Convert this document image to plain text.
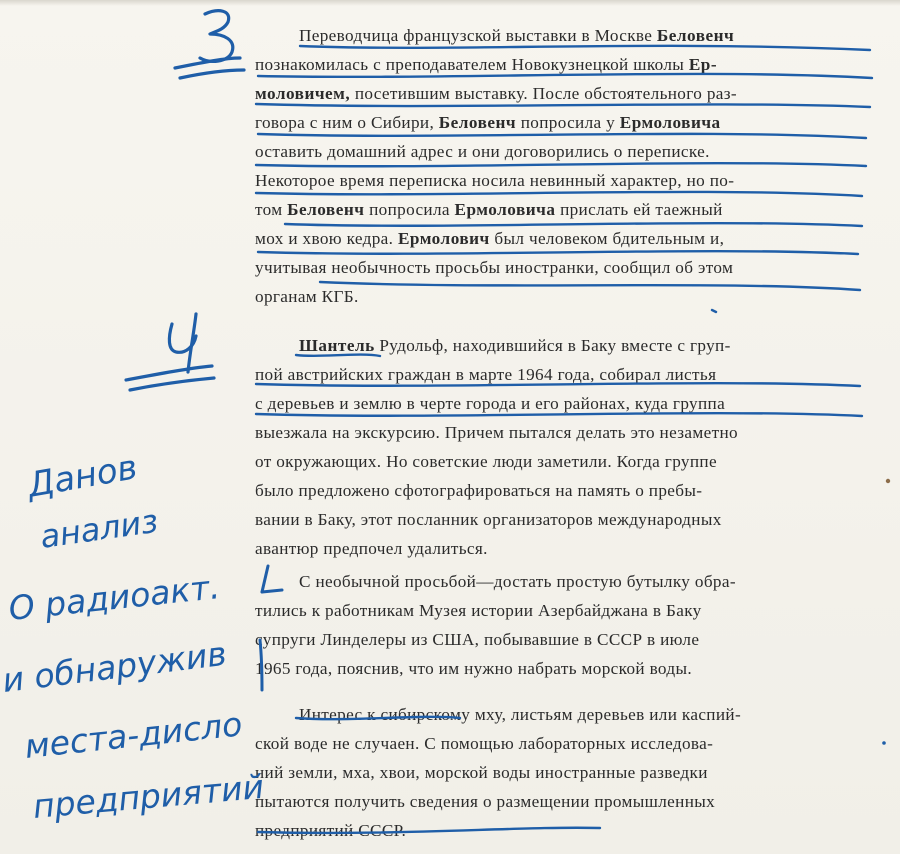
Переводчица французской выставки в Москве Беловенч
познакомилась с преподавателем Новокузнецкой школы Ер-
моловичем, посетившим выставку. После обстоятельного раз-
говора с ним о Сибири, Беловенч попросила у Ермоловича
оставить домашний адрес и они договорились о переписке.
Некоторое время переписка носила невинный характер, но по-
том Беловенч попросила Ермоловича прислать ей таежный
мох и хвою кедра. Ермолович был человеком бдительным и,
учитывая необычность просьбы иностранки, сообщил об этом
органам КГБ.

Шантель Рудольф, находившийся в Баку вместе с груп-
пой австрийских граждан в марте 1964 года, собирал листья
с деревьев и землю в черте города и его районах, куда группа
выезжала на экскурсию. Причем пытался делать это незаметно
от окружающих. Но советские люди заметили. Когда группе
было предложено сфотографироваться на память о пребы-
вании в Баку, этот посланник организаторов международных
авантюр предпочел удалиться.

С необычной просьбой—достать простую бутылку обра-
тились к работникам Музея истории Азербайджана в Баку
супруги Линделеры из США, побывавшие в СССР в июле
1965 года, пояснив, что им нужно набрать морской воды.

Интерес к сибирскому мху, листьям деревьев или каспий-
ской воде не случаен. С помощью лабораторных исследова-
ний земли, мха, хвои, морской воды иностранные разведки
пытаются получить сведения о размещении промышленных
предприятий СССР.

Данов
анализ
О радиоакт.
и обнаружив
места-дисло
предприятий
